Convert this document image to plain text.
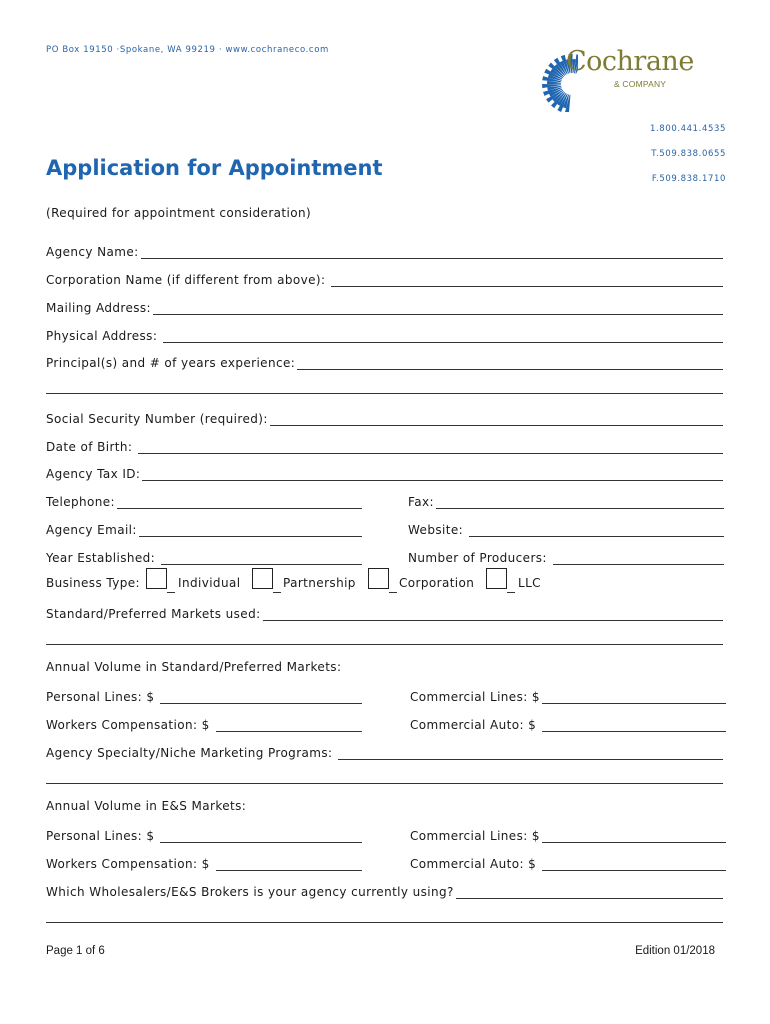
PO Box 19150 ·Spokane, WA 99219 · www.cochraneco.com	Cochrane
& COMPANY
1.800.441.4535
T.509.838.0655
F.509.838.1710
Application for Appointment
(Required for appointment consideration)
Agency Name:
Corporation Name (if different from above):
Mailing Address:
Physical Address:
Principal(s) and # of years experience:
Social Security Number (required):
Date of Birth:
Agency Tax ID:
Telephone:	Fax:
Agency Email:	Website:
Year Established:	Number of Producers:
Business Type:	Individual	Partnership	Corporation	LLC
Standard/Preferred Markets used:
Annual Volume in Standard/Preferred Markets:
Personal Lines: $	Commercial Lines: $
Workers Compensation: $	Commercial Auto: $
Agency Specialty/Niche Marketing Programs:
Annual Volume in E&S Markets:
Personal Lines: $	Commercial Lines: $
Workers Compensation: $	Commercial Auto: $
Which Wholesalers/E&S Brokers is your agency currently using?
Page 1 of 6	Edition 01/2018
